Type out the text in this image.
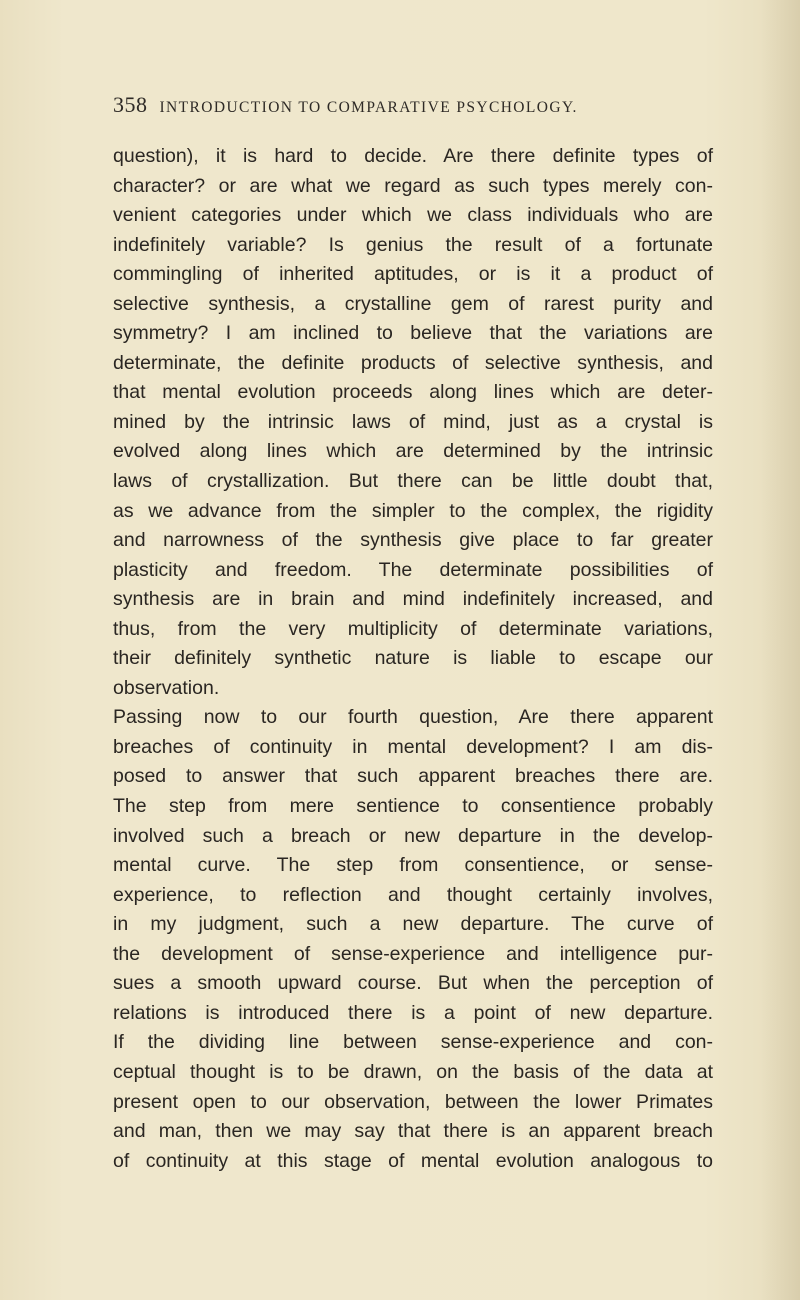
358 INTRODUCTION TO COMPARATIVE PSYCHOLOGY.
question), it is hard to decide. Are there definite types of
character? or are what we regard as such types merely con-
venient categories under which we class individuals who are
indefinitely variable? Is genius the result of a fortunate
commingling of inherited aptitudes, or is it a product of
selective synthesis, a crystalline gem of rarest purity and
symmetry? I am inclined to believe that the variations are
determinate, the definite products of selective synthesis, and
that mental evolution proceeds along lines which are deter-
mined by the intrinsic laws of mind, just as a crystal is
evolved along lines which are determined by the intrinsic
laws of crystallization. But there can be little doubt that,
as we advance from the simpler to the complex, the rigidity
and narrowness of the synthesis give place to far greater
plasticity and freedom. The determinate possibilities of
synthesis are in brain and mind indefinitely increased, and
thus, from the very multiplicity of determinate variations,
their definitely synthetic nature is liable to escape our
observation.
Passing now to our fourth question, Are there apparent
breaches of continuity in mental development? I am dis-
posed to answer that such apparent breaches there are.
The step from mere sentience to consentience probably
involved such a breach or new departure in the develop-
mental curve. The step from consentience, or sense-
experience, to reflection and thought certainly involves,
in my judgment, such a new departure. The curve of
the development of sense-experience and intelligence pur-
sues a smooth upward course. But when the perception of
relations is introduced there is a point of new departure.
If the dividing line between sense-experience and con-
ceptual thought is to be drawn, on the basis of the data at
present open to our observation, between the lower Primates
and man, then we may say that there is an apparent breach
of continuity at this stage of mental evolution analogous to
